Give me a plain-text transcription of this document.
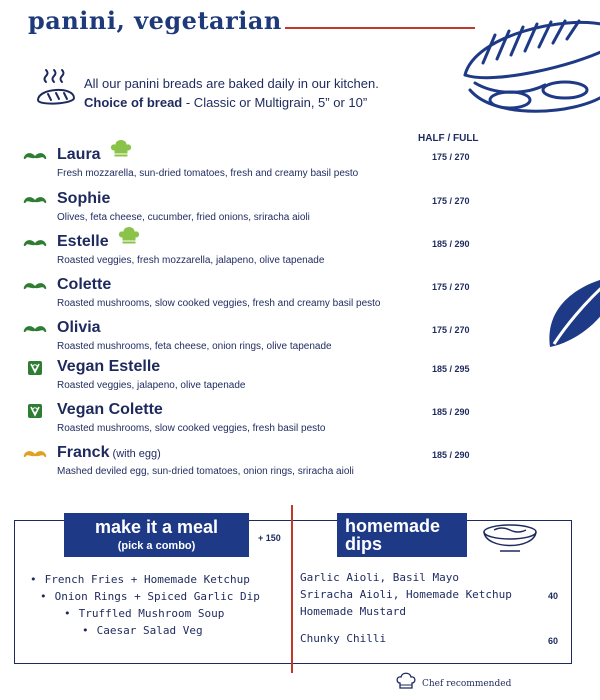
panini, vegetarian
All our panini breads are baked daily in our kitchen.
Choice of bread - Classic or Multigrain, 5” or 10”
HALF / FULL
Laura
Fresh mozzarella, sun-dried tomatoes, fresh and creamy basil pesto
175 / 270
Sophie
Olives, feta cheese, cucumber, fried onions, sriracha aioli
175 / 270
Estelle
Roasted veggies, fresh mozzarella, jalapeno, olive tapenade
185 / 290
Colette
Roasted mushrooms, slow cooked veggies, fresh and creamy basil pesto
175 / 270
Olivia
Roasted mushrooms, feta cheese, onion rings, olive tapenade
175 / 270
Vegan Estelle
Roasted veggies, jalapeno, olive tapenade
185 / 295
Vegan Colette
Roasted mushrooms, slow cooked veggies, fresh basil pesto
185 / 290
Franck (with egg)
Mashed deviled egg, sun-dried tomatoes, onion rings, sriracha aioli
185 / 290
make it a meal
(pick a combo)
+ 150
• French Fries + Homemade Ketchup
• Onion Rings + Spiced Garlic Dip
• Truffled Mushroom Soup
• Caesar Salad Veg
homemade
dips
Garlic Aioli, Basil Mayo
Sriracha Aioli, Homemade Ketchup
Homemade Mustard
40
Chunky Chilli	60
Chef recommended
